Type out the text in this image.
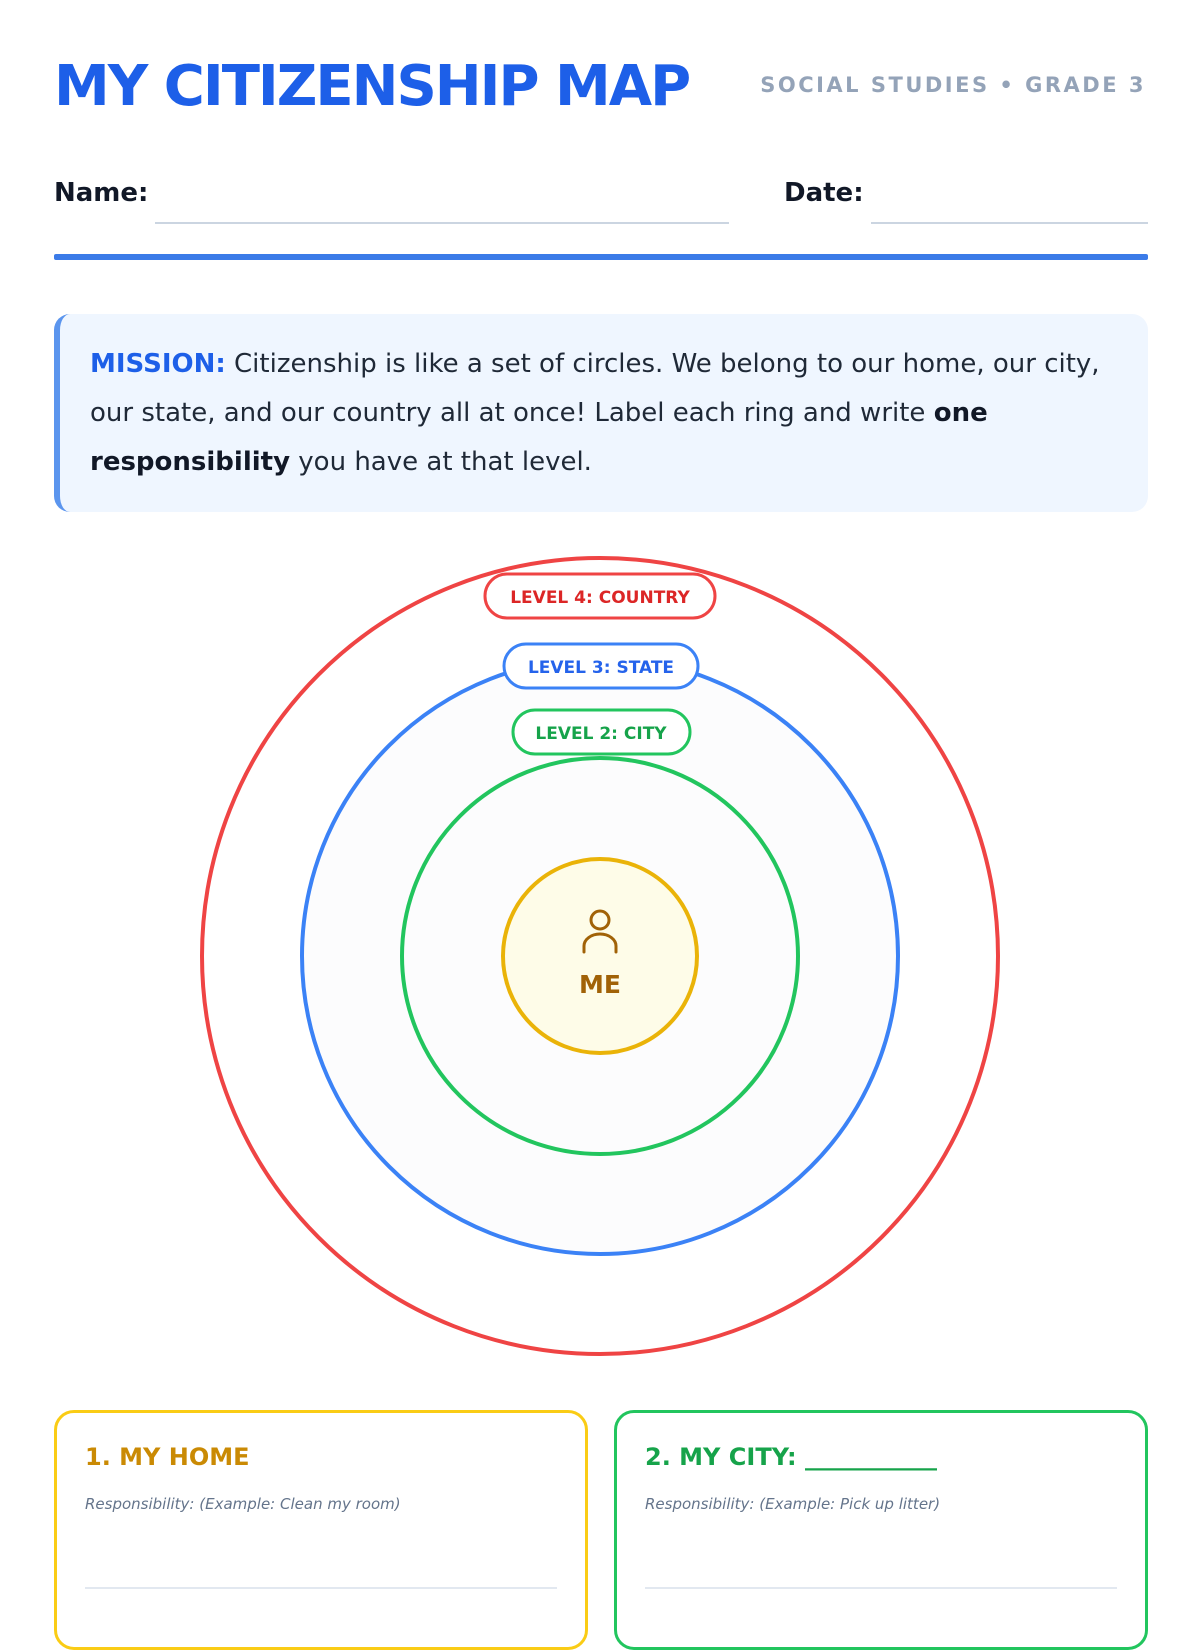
MY CITIZENSHIP MAP	SOCIAL STUDIES • GRADE 3
Name:	Date:
MISSION: Citizenship is like a set of circles. We belong to our home, our city, our state, and our country all at once! Label each ring and write one responsibility you have at that level.
ME
LEVEL 4: COUNTRY
LEVEL 3: STATE
LEVEL 2: CITY
1. MY HOME
Responsibility: (Example: Clean my room)
2. MY CITY: ___________
Responsibility: (Example: Pick up litter)
